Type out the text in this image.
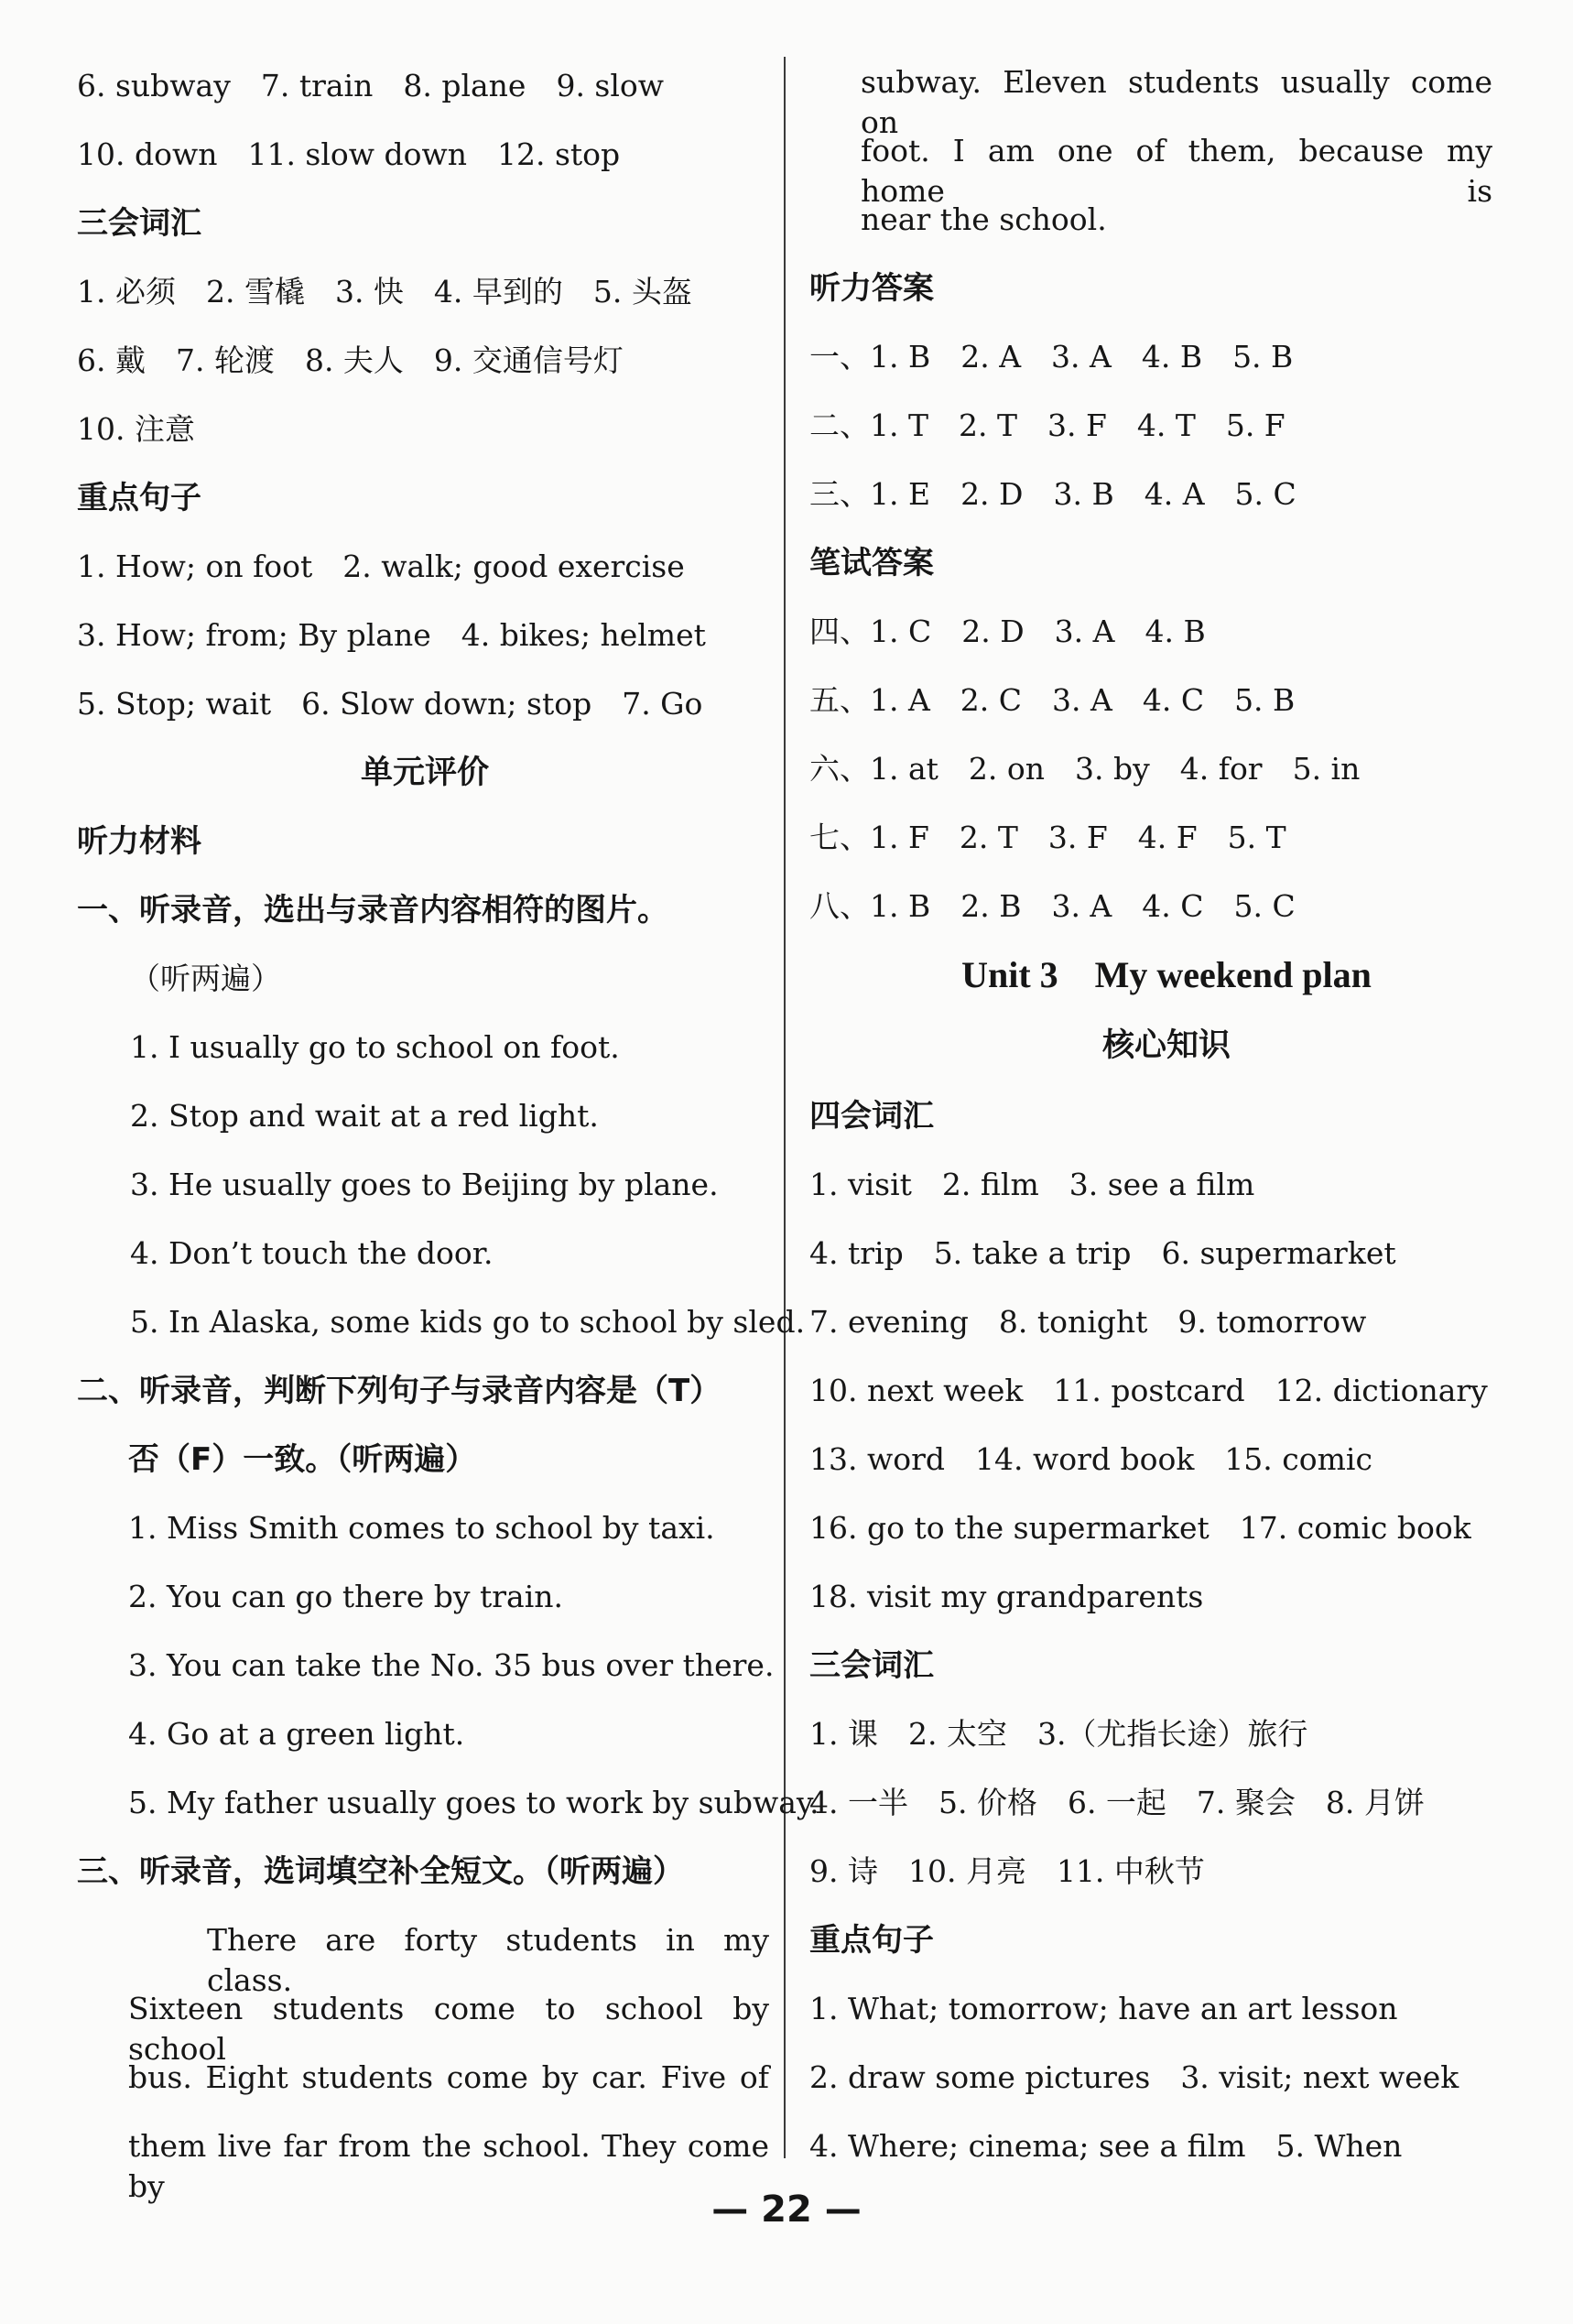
6. subway　7. train　8. plane　9. slow
10. down　11. slow down　12. stop
三会词汇
1. 必须　2. 雪橇　3. 快　4. 早到的　5. 头盔
6. 戴　7. 轮渡　8. 夫人　9. 交通信号灯
10. 注意
重点句子
1. How; on foot　2. walk; good exercise
3. How; from; By plane　4. bikes; helmet
5. Stop; wait　6. Slow down; stop　7. Go
单元评价
听力材料
一、听录音，选出与录音内容相符的图片。
（听两遍）
1. I usually go to school on foot.
2. Stop and wait at a red light.
3. He usually goes to Beijing by plane.
4. Don’t touch the door.
5. In Alaska, some kids go to school by sled.
二、听录音，判断下列句子与录音内容是（T）
否（F）一致。（听两遍）
1. Miss Smith comes to school by taxi.
2. You can go there by train.
3. You can take the No. 35 bus over there.
4. Go at a green light.
5. My father usually goes to work by subway.
三、听录音，选词填空补全短文。（听两遍）
There are forty students in my class.
Sixteen students come to school by school
bus. Eight students come by car. Five of
them live far from the school. They come by
subway. Eleven students usually come on
foot. I am one of them, because my home is
near the school.
听力答案
一、1. B　2. A　3. A　4. B　5. B
二、1. T　2. T　3. F　4. T　5. F
三、1. E　2. D　3. B　4. A　5. C
笔试答案
四、1. C　2. D　3. A　4. B
五、1. A　2. C　3. A　4. C　5. B
六、1. at　2. on　3. by　4. for　5. in
七、1. F　2. T　3. F　4. F　5. T
八、1. B　2. B　3. A　4. C　5. C
Unit 3　My weekend plan
核心知识
四会词汇
1. visit　2. film　3. see a film
4. trip　5. take a trip　6. supermarket
7. evening　8. tonight　9. tomorrow
10. next week　11. postcard　12. dictionary
13. word　14. word book　15. comic
16. go to the supermarket　17. comic book
18. visit my grandparents
三会词汇
1. 课　2. 太空　3.（尤指长途）旅行
4. 一半　5. 价格　6. 一起　7. 聚会　8. 月饼
9. 诗　10. 月亮　11. 中秋节
重点句子
1. What; tomorrow; have an art lesson
2. draw some pictures　3. visit; next week
4. Where; cinema; see a film　5. When
— 22 —
